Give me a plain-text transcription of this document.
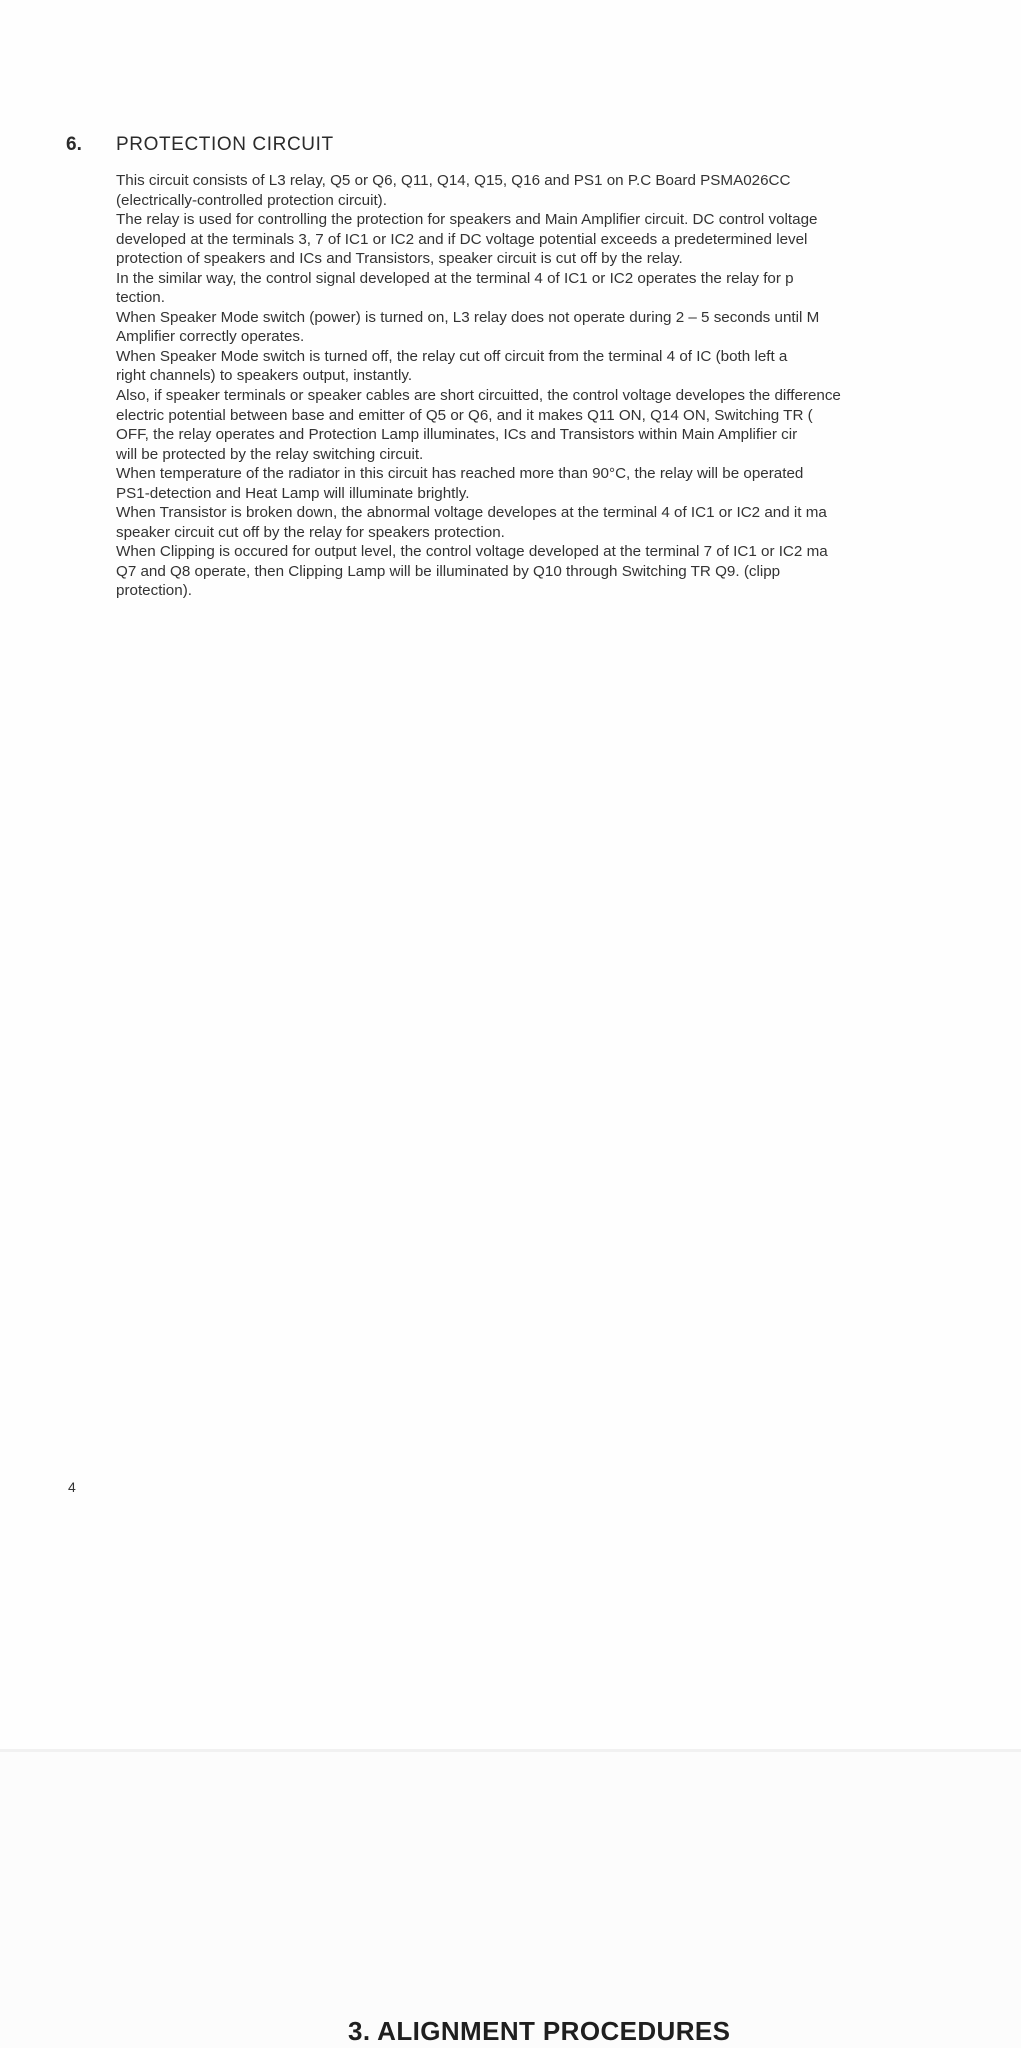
6. PROTECTION CIRCUIT
This circuit consists of L3 relay, Q5 or Q6, Q11, Q14, Q15, Q16 and PS1 on P.C Board PSMA026CC
(electrically-controlled protection circuit).
The relay is used for controlling the protection for speakers and Main Amplifier circuit. DC control voltage
developed at the terminals 3, 7 of IC1 or IC2 and if DC voltage potential exceeds a predetermined level
protection of speakers and ICs and Transistors, speaker circuit is cut off by the relay.
In the similar way, the control signal developed at the terminal 4 of IC1 or IC2 operates the relay for p
tection.
When Speaker Mode switch (power) is turned on, L3 relay does not operate during 2 – 5 seconds until M
Amplifier correctly operates.
When Speaker Mode switch is turned off, the relay cut off circuit from the terminal 4 of IC (both left a
right channels) to speakers output, instantly.
Also, if speaker terminals or speaker cables are short circuitted, the control voltage developes the difference
electric potential between base and emitter of Q5 or Q6, and it makes Q11 ON, Q14 ON, Switching TR (
OFF, the relay operates and Protection Lamp illuminates, ICs and Transistors within Main Amplifier cir
will be protected by the relay switching circuit.
When temperature of the radiator in this circuit has reached more than 90°C, the relay will be operated
PS1-detection and Heat Lamp will illuminate brightly.
When Transistor is broken down, the abnormal voltage developes at the terminal 4 of IC1 or IC2 and it ma
speaker circuit cut off by the relay for speakers protection.
When Clipping is occured for output level, the control voltage developed at the terminal 7 of IC1 or IC2 ma
Q7 and Q8 operate, then Clipping Lamp will be illuminated by Q10 through Switching TR Q9. (clipp
protection).
4
3. ALIGNMENT PROCEDURES
